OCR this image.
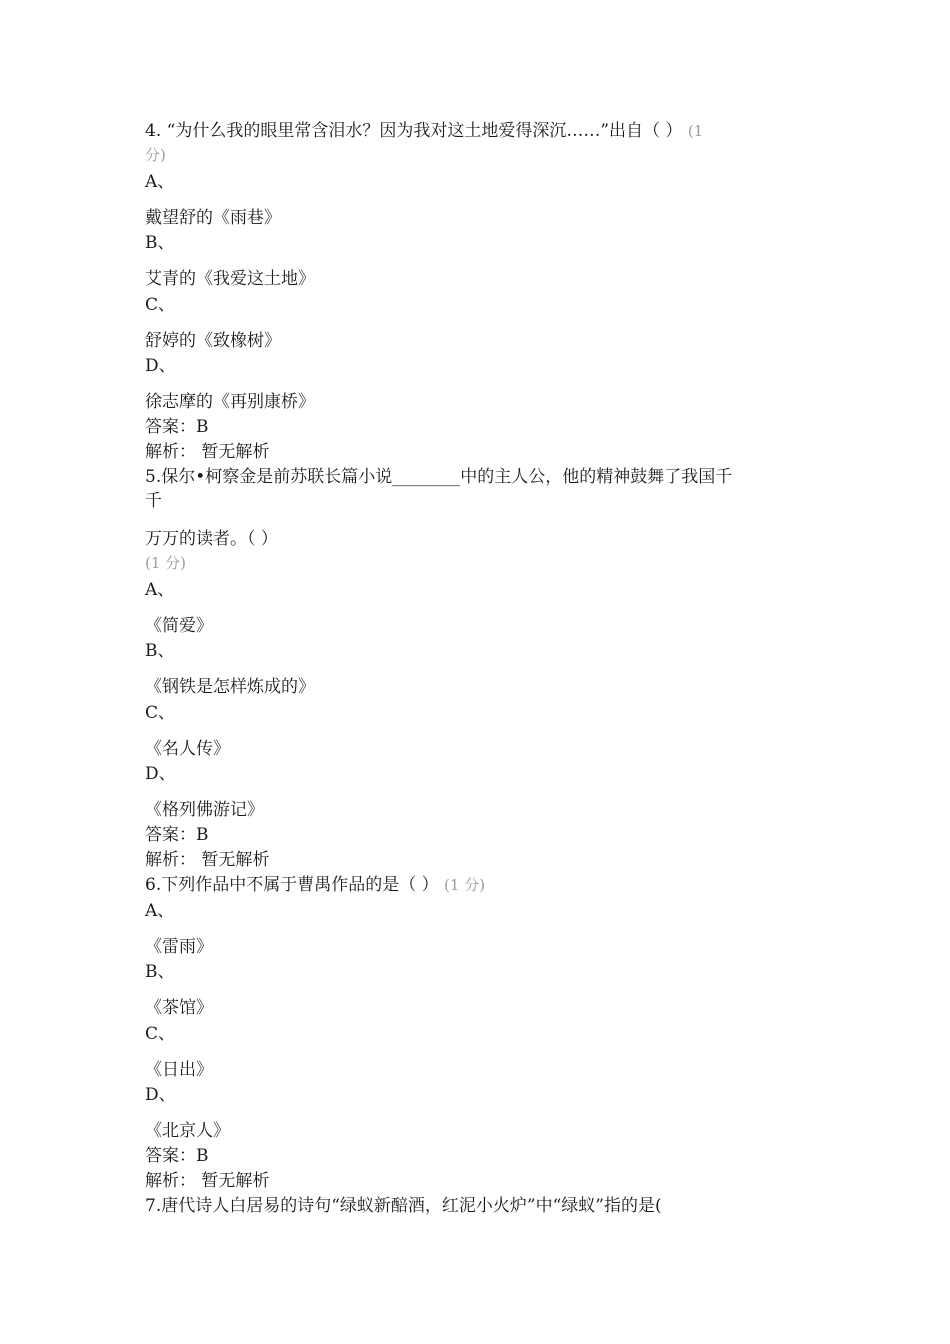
4. “为什么我的眼里常含泪水？因为我对这土地爱得深沉……”出自（ ） (1
分)
A、
戴望舒的《雨巷》
B、
艾青的《我爱这土地》
C、
舒婷的《致橡树》
D、
徐志摩的《再别康桥》
答案：B
解析： 暂无解析
5.保尔•柯察金是前苏联长篇小说________中的主人公，他的精神鼓舞了我国千
千
万万的读者。（ ）
(1 分)
A、
《简爱》
B、
《钢铁是怎样炼成的》
C、
《名人传》
D、
《格列佛游记》
答案：B
解析： 暂无解析
6.下列作品中不属于曹禺作品的是（ ） (1 分)
A、
《雷雨》
B、
《茶馆》
C、
《日出》
D、
《北京人》
答案：B
解析： 暂无解析
7.唐代诗人白居易的诗句“绿蚁新醅酒，红泥小火炉”中“绿蚁”指的是(
